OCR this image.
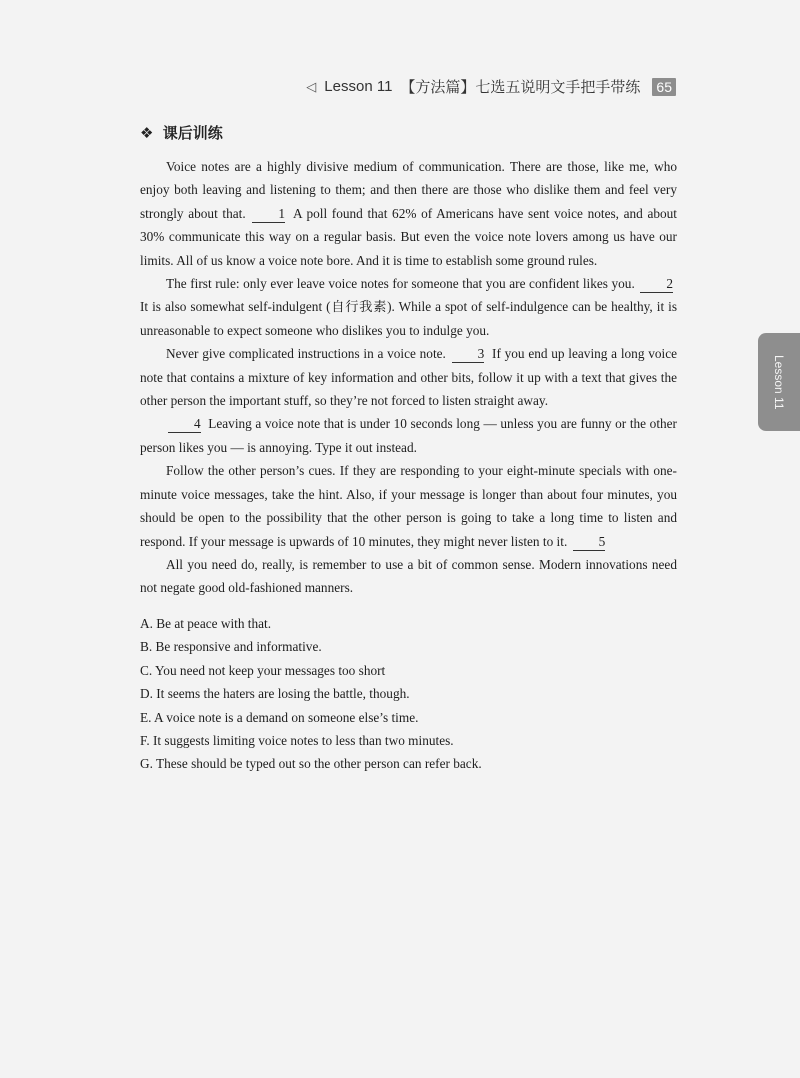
◁ Lesson 11 【方法篇】七选五说明文手把手带练 65
Lesson 11
❖ 课后训练

Voice notes are a highly divisive medium of communication. There are those, like me, who enjoy both leaving and listening to them; and then there are those who dislike them and feel very strongly about that. 1 A poll found that 62% of Americans have sent voice notes, and about 30% communicate this way on a regular basis. But even the voice note lovers among us have our limits. All of us know a voice note bore. And it is time to establish some ground rules.

The first rule: only ever leave voice notes for someone that you are confident likes you. 2 It is also somewhat self-indulgent (自行我素). While a spot of self-indulgence can be healthy, it is unreasonable to expect someone who dislikes you to indulge you.

Never give complicated instructions in a voice note. 3 If you end up leaving a long voice note that contains a mixture of key information and other bits, follow it up with a text that gives the other person the important stuff, so they’re not forced to listen straight away.

4 Leaving a voice note that is under 10 seconds long — unless you are funny or the other person likes you — is annoying. Type it out instead.

Follow the other person’s cues. If they are responding to your eight-minute specials with one-minute voice messages, take the hint. Also, if your message is longer than about four minutes, you should be open to the possibility that the other person is going to take a long time to listen and respond. If your message is upwards of 10 minutes, they might never listen to it. 5

All you need do, really, is remember to use a bit of common sense. Modern innovations need not negate good old-fashioned manners.

A. Be at peace with that.
B. Be responsive and informative.
C. You need not keep your messages too short
D. It seems the haters are losing the battle, though.
E. A voice note is a demand on someone else’s time.
F. It suggests limiting voice notes to less than two minutes.
G. These should be typed out so the other person can refer back.
